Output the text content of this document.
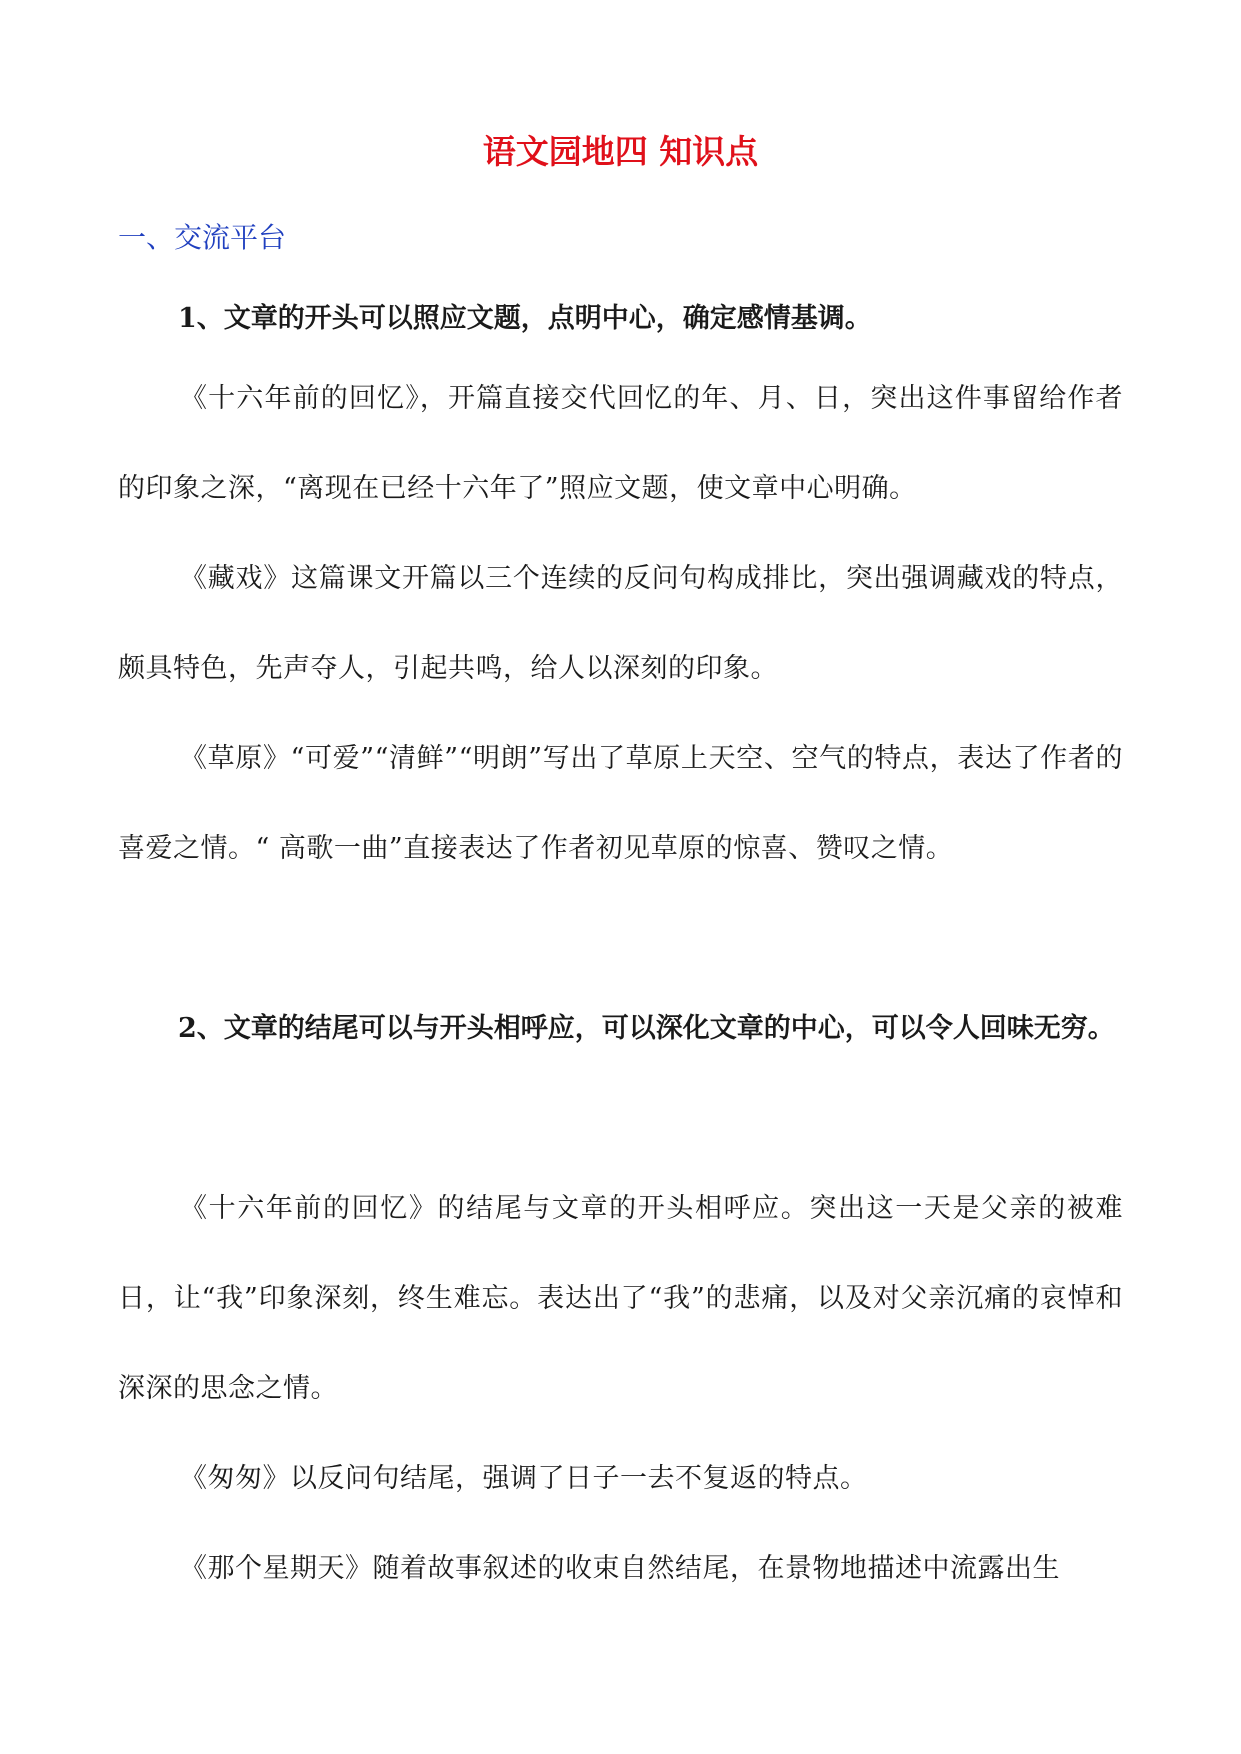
语文园地四 知识点
一、交流平台

1、文章的开头可以照应文题，点明中心，确定感情基调。

《十六年前的回忆》，开篇直接交代回忆的年、月、日，突出这件事留给作者的印象之深，“离现在已经十六年了”照应文题，使文章中心明确。

《藏戏》这篇课文开篇以三个连续的反问句构成排比，突出强调藏戏的特点，颇具特色，先声夺人，引起共鸣，给人以深刻的印象。

《草原》“可爱”“清鲜”“明朗”写出了草原上天空、空气的特点，表达了作者的喜爱之情。“ 高歌一曲”直接表达了作者初见草原的惊喜、赞叹之情。

2、文章的结尾可以与开头相呼应，可以深化文章的中心，可以令人回味无穷。

《十六年前的回忆》的结尾与文章的开头相呼应。突出这一天是父亲的被难日，让“我”印象深刻，终生难忘。表达出了“我”的悲痛，以及对父亲沉痛的哀悼和深深的思念之情。

《匆匆》以反问句结尾，强调了日子一去不复返的特点。

《那个星期天》随着故事叙述的收束自然结尾，在景物地描述中流露出生
